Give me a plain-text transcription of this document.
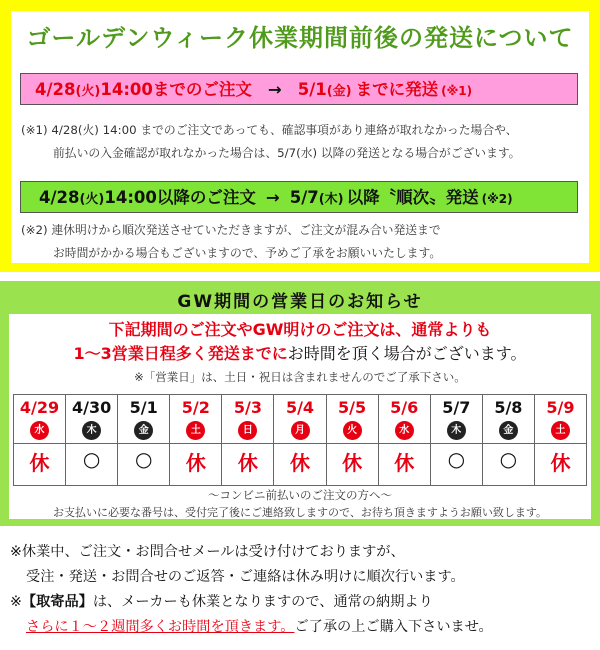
ゴールデンウィーク休業期間前後の発送について
4/28(火)14:00までのご注文 → 5/1(金) までに発送 (※1)
(※1) 4/28(火) 14:00 までのご注文であっても、確認事項があり連絡が取れなかった場合や、
前払いの入金確認が取れなかった場合は、5/7(水) 以降の発送となる場合がございます。
4/28(火)14:00以降のご注文 → 5/7(木) 以降〝順次〟発送 (※2)
(※2) 連休明けから順次発送させていただきますが、ご注文が混み合い発送まで
お時間がかかる場合もございますので、予めご了承をお願いいたします。
GW期間の営業日のお知らせ
下記期間のご注文やGW明けのご注文は、通常よりも
1～3営業日程多く発送までにお時間を頂く場合がございます。
※「営業日」は、土日・祝日は含まれませんのでご了承下さい。
4/29
水
休
4/30
木
○
5/1
金
○
5/2
土
休
5/3
日
休
5/4
月
休
5/5
火
休
5/6
水
休
5/7
木
○
5/8
金
○
5/9
土
休
～コンビニ前払いのご注文の方へ～
お支払いに必要な番号は、受付完了後にご連絡致しますので、お待ち頂きますようお願い致します。
※休業中、ご注文・お問合せメールは受け付けておりますが、
受注・発送・お問合せのご返答・ご連絡は休み明けに順次行います。
※【取寄品】は、メーカーも休業となりますので、通常の納期より
さらに１～２週間多くお時間を頂きます。ご了承の上ご購入下さいませ。
